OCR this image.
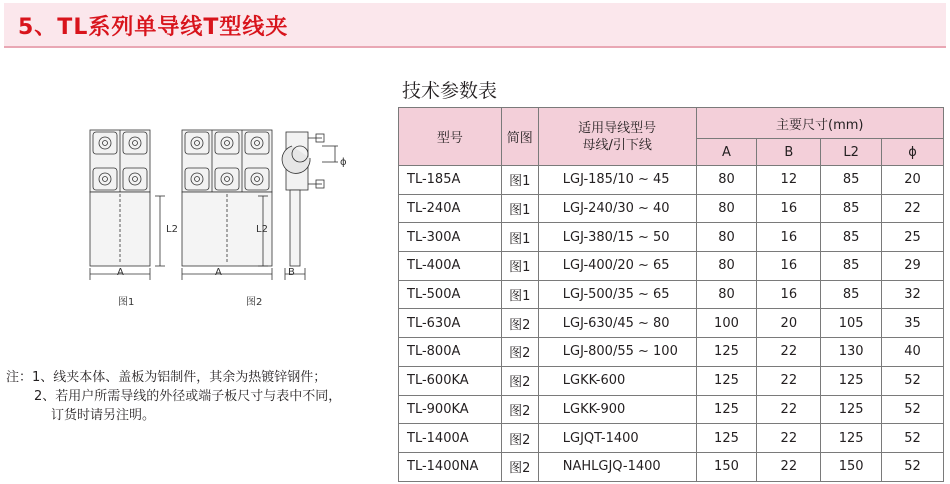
5、TL系列单导线T型线夹
A	A	B
L2	L2
ϕ
图1	图2
注：1、线夹本体、盖板为铝制件，其余为热镀锌钢件；
2、若用户所需导线的外径或端子板尺寸与表中不同，
订货时请另注明。
技术参数表
型号	简图	适用导线型号
母线/引下线	主要尺寸(mm)			
			A	B	L2	ϕ
TL-185A	图1	LGJ-185/10 ~ 45	80	12	85	20
TL-240A	图1	LGJ-240/30 ~ 40	80	16	85	22
TL-300A	图1	LGJ-380/15 ~ 50	80	16	85	25
TL-400A	图1	LGJ-400/20 ~ 65	80	16	85	29
TL-500A	图1	LGJ-500/35 ~ 65	80	16	85	32
TL-630A	图2	LGJ-630/45 ~ 80	100	20	105	35
TL-800A	图2	LGJ-800/55 ~ 100	125	22	130	40
TL-600KA	图2	LGKK-600	125	22	125	52
TL-900KA	图2	LGKK-900	125	22	125	52
TL-1400A	图2	LGJQT-1400	125	22	125	52
TL-1400NA	图2	NAHLGJQ-1400	150	22	150	52
